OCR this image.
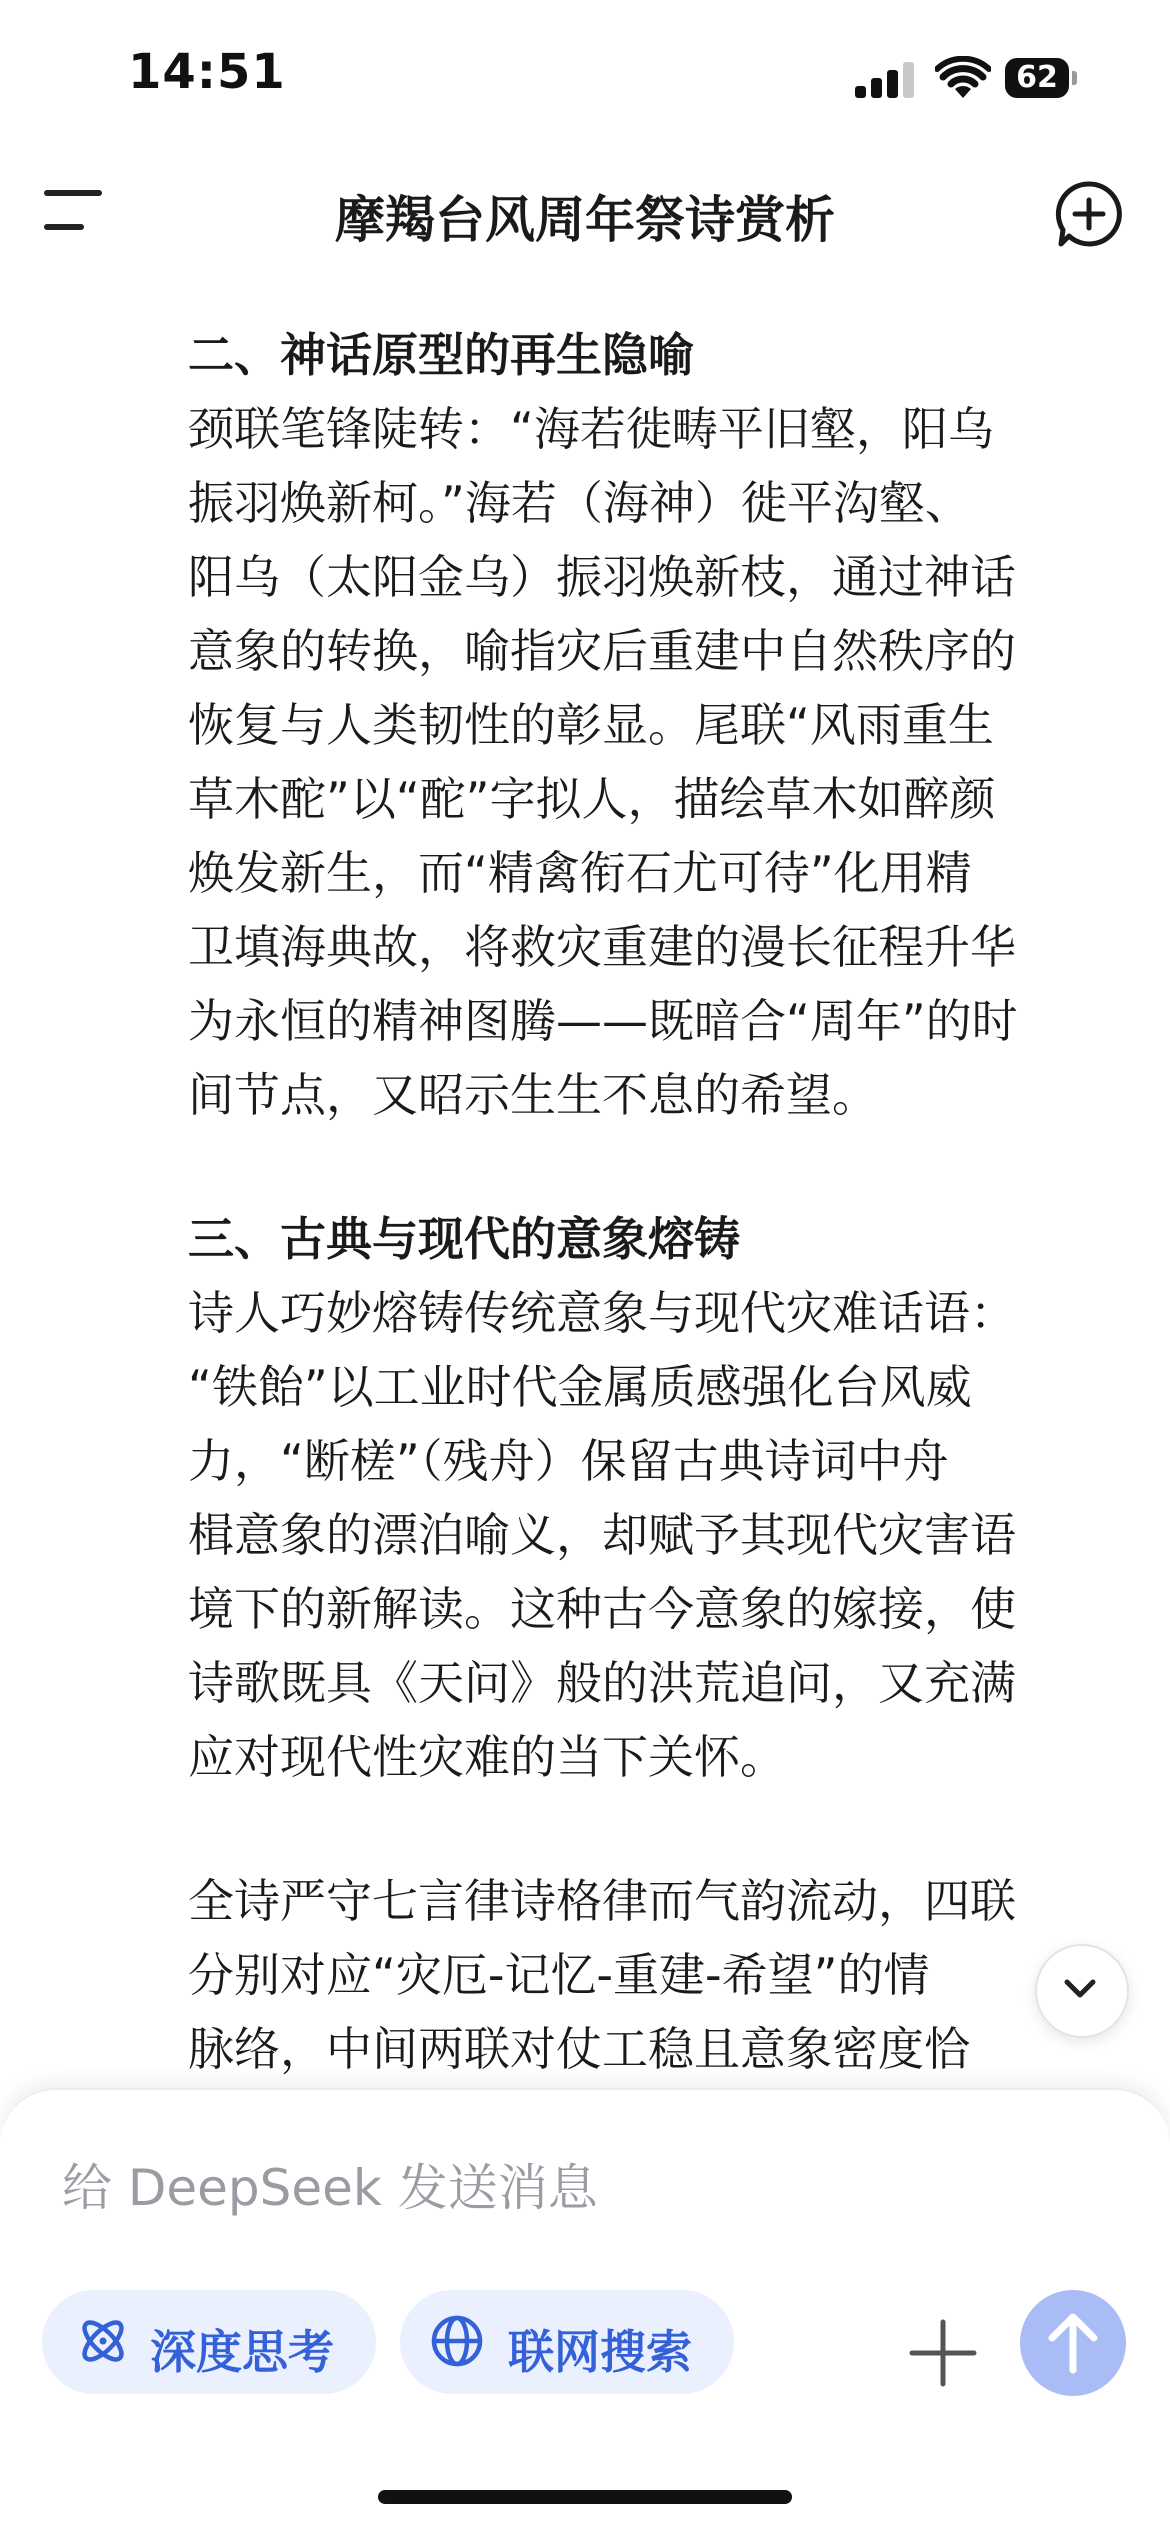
14:51	62
摩羯台风周年祭诗赏析

二、神话原型的再生隐喻

颈联笔锋陡转：“海若徙畴平旧壑，阳乌
振羽焕新柯。”海若（海神）徙平沟壑、
阳乌（太阳金乌）振羽焕新枝，通过神话
意象的转换，喻指灾后重建中自然秩序的
恢复与人类韧性的彰显。尾联“风雨重生
草木酡”以“酡”字拟人，描绘草木如醉颜
焕发新生，而“精禽衔石尤可待”化用精
卫填海典故，将救灾重建的漫长征程升华
为永恒的精神图腾——既暗合“周年”的时
间节点，又昭示生生不息的希望。

三、古典与现代的意象熔铸

诗人巧妙熔铸传统意象与现代灾难话语：
“铁飴”以工业时代金属质感强化台风威
力，“断槎”（残舟）保留古典诗词中舟
楫意象的漂泊喻义，却赋予其现代灾害语
境下的新解读。这种古今意象的嫁接，使
诗歌既具《天问》般的洪荒追问，又充满
应对现代性灾难的当下关怀。
全诗严守七言律诗格律而气韵流动，四联
分别对应“灾厄-记忆-重建-希望”的情
脉络，中间两联对仗工稳且意象密度恰
给 DeepSeek 发送消息
深度思考	联网搜索
